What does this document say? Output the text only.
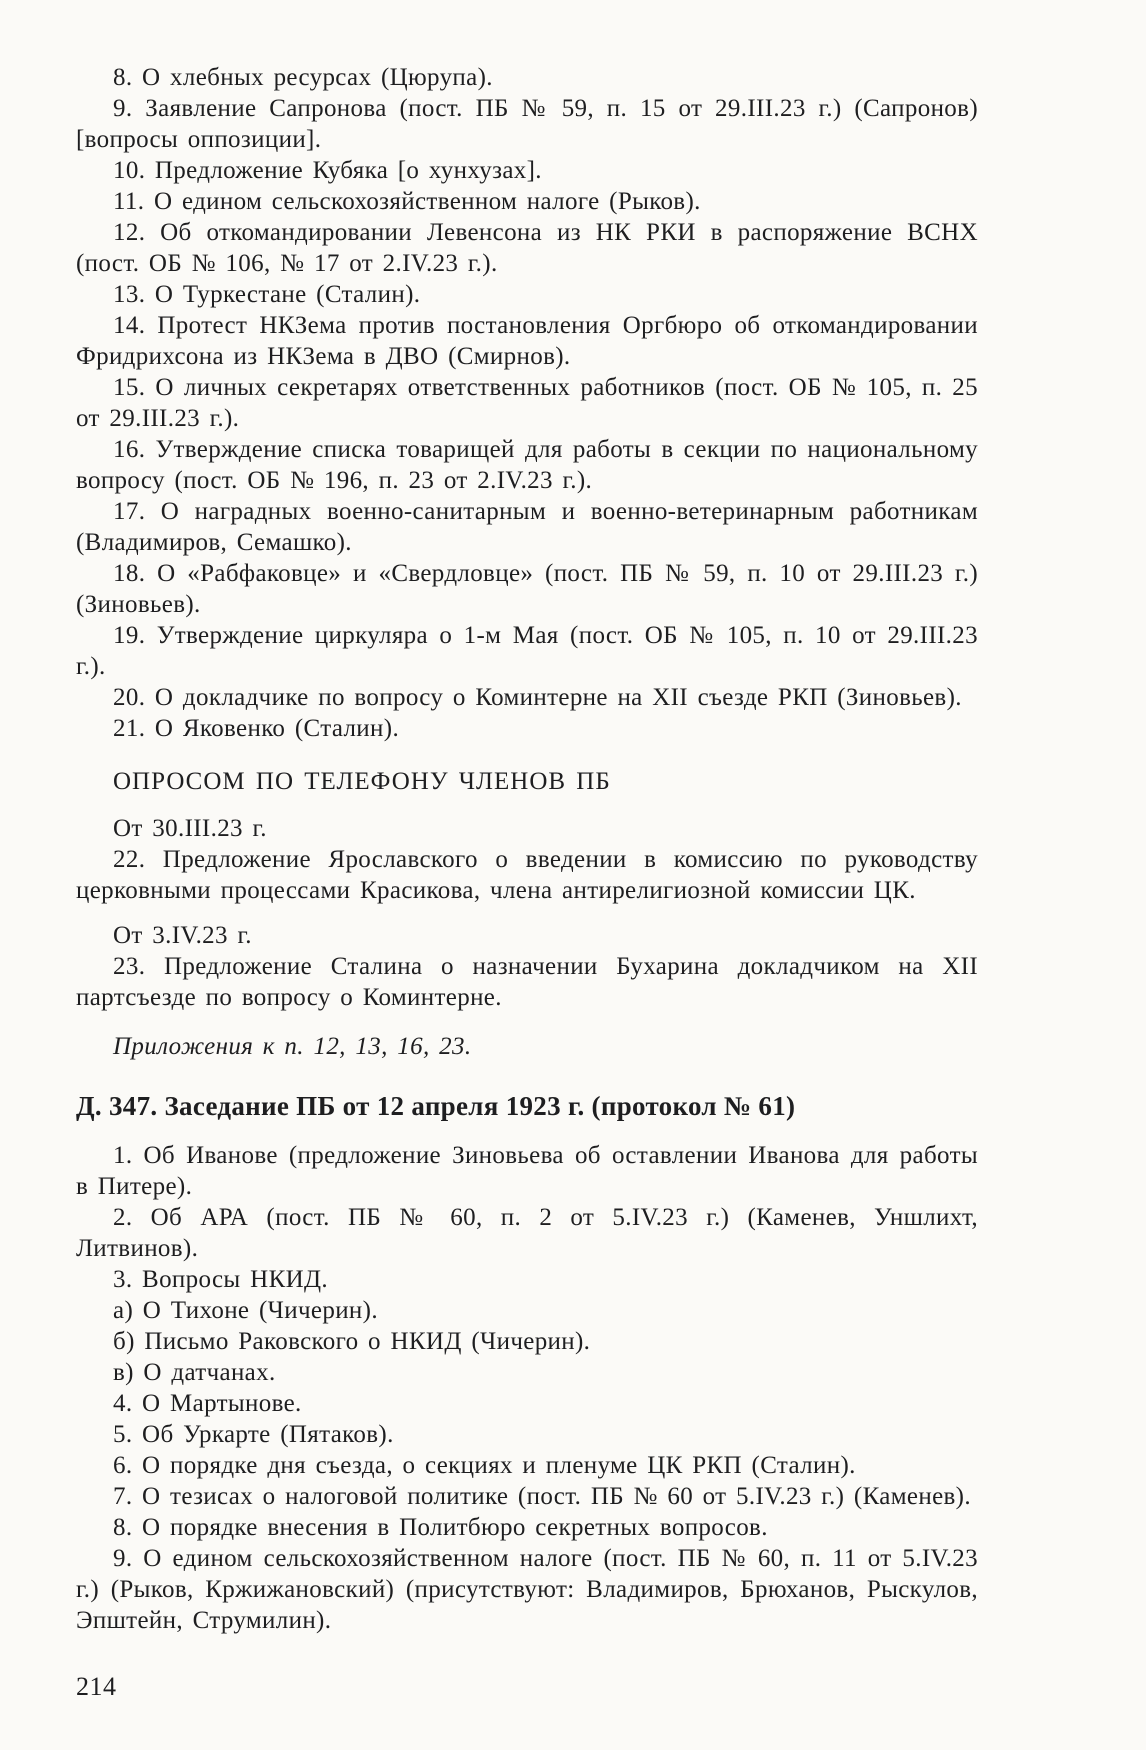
8. О хлебных ресурсах (Цюрупа).

9. Заявление Сапронова (пост. ПБ № 59, п. 15 от 29.III.23 г.) (Сапронов) [вопросы оппозиции].

10. Предложение Кубяка [о хунхузах].

11. О едином сельскохозяйственном налоге (Рыков).

12. Об откомандировании Левенсона из НК РКИ в распоряжение ВСНХ (пост. ОБ № 106, № 17 от 2.IV.23 г.).

13. О Туркестане (Сталин).

14. Протест НКЗема против постановления Оргбюро об откомандировании Фридрихсона из НКЗема в ДВО (Смирнов).

15. О личных секретарях ответственных работников (пост. ОБ № 105, п. 25 от 29.III.23 г.).

16. Утверждение списка товарищей для работы в секции по национальному вопросу (пост. ОБ № 196, п. 23 от 2.IV.23 г.).

17. О наградных военно-санитарным и военно-ветеринарным работникам (Владимиров, Семашко).

18. О «Рабфаковце» и «Свердловце» (пост. ПБ № 59, п. 10 от 29.III.23 г.) (Зиновьев).

19. Утверждение циркуляра о 1-м Мая (пост. ОБ № 105, п. 10 от 29.III.23 г.).

20. О докладчике по вопросу о Коминтерне на XII съезде РКП (Зиновьев).

21. О Яковенко (Сталин).

ОПРОСОМ ПО ТЕЛЕФОНУ ЧЛЕНОВ ПБ

От 30.III.23 г.

22. Предложение Ярославского о введении в комиссию по руководству церковными процессами Красикова, члена антирелигиозной комиссии ЦК.

От 3.IV.23 г.

23. Предложение Сталина о назначении Бухарина докладчиком на XII партсъезде по вопросу о Коминтерне.

Приложения к п. 12, 13, 16, 23.

Д. 347. Заседание ПБ от 12 апреля 1923 г. (протокол № 61)

1. Об Иванове (предложение Зиновьева об оставлении Иванова для работы в Питере).

2. Об АРА (пост. ПБ № 60, п. 2 от 5.IV.23 г.) (Каменев, Уншлихт, Литвинов).

3. Вопросы НКИД.

а) О Тихоне (Чичерин).

б) Письмо Раковского о НКИД (Чичерин).

в) О датчанах.

4. О Мартынове.

5. Об Уркарте (Пятаков).

6. О порядке дня съезда, о секциях и пленуме ЦК РКП (Сталин).

7. О тезисах о налоговой политике (пост. ПБ № 60 от 5.IV.23 г.) (Каменев).

8. О порядке внесения в Политбюро секретных вопросов.

9. О едином сельскохозяйственном налоге (пост. ПБ № 60, п. 11 от 5.IV.23 г.) (Рыков, Кржижановский) (присутствуют: Владимиров, Брюханов, Рыскулов, Эпштейн, Струмилин).

214
